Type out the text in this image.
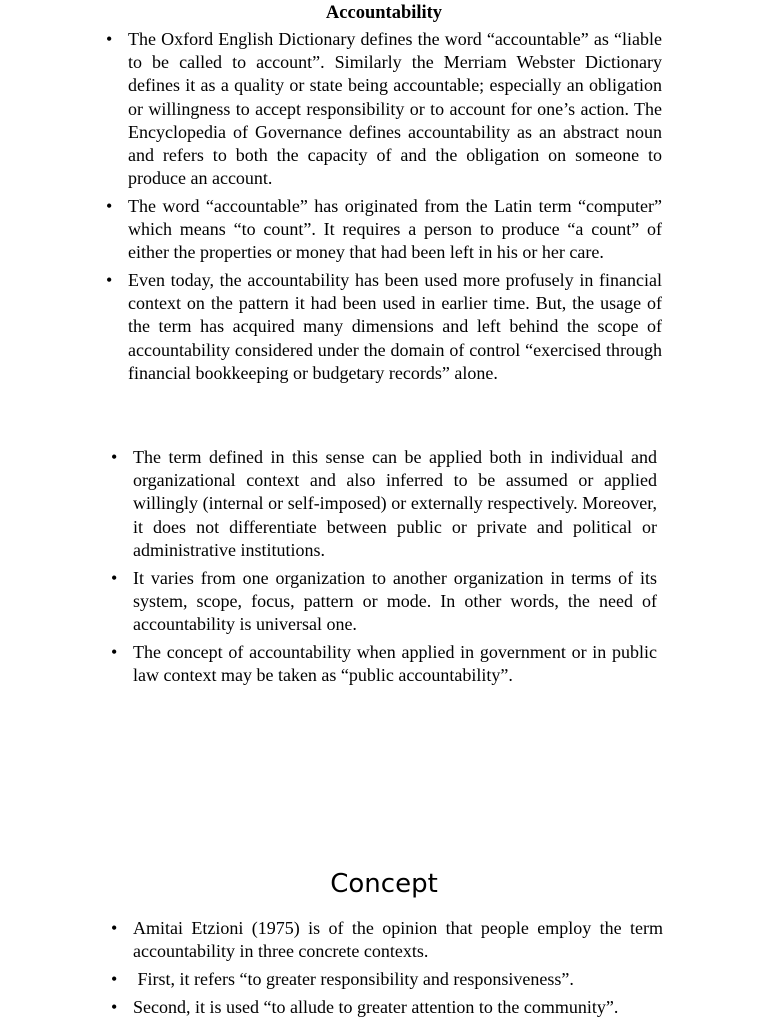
Accountability
• The Oxford English Dictionary defines the word “accountable” as “liable to be called to account”. Similarly the Merriam Webster Dictionary defines it as a quality or state being accountable; especially an obligation or willingness to accept responsibility or to account for one’s action. The Encyclopedia of Governance defines accountability as an abstract noun and refers to both the capacity of and the obligation on someone to produce an account.
• The word “accountable” has originated from the Latin term “computer” which means “to count”. It requires a person to produce “a count” of either the properties or money that had been left in his or her care.
• Even today, the accountability has been used more profusely in financial context on the pattern it had been used in earlier time. But, the usage of the term has acquired many dimensions and left behind the scope of accountability considered under the domain of control “exercised through financial bookkeeping or budgetary records” alone.
• The term defined in this sense can be applied both in individual and organizational context and also inferred to be assumed or applied willingly (internal or self-imposed) or externally respectively. Moreover, it does not differentiate between public or private and political or administrative institutions.
• It varies from one organization to another organization in terms of its system, scope, focus, pattern or mode. In other words, the need of accountability is universal one.
• The concept of accountability when applied in government or in public law context may be taken as “public accountability”.
Concept
• Amitai Etzioni (1975) is of the opinion that people employ the term accountability in three concrete contexts.
• First, it refers “to greater responsibility and responsiveness”.
• Second, it is used “to allude to greater attention to the community”.
